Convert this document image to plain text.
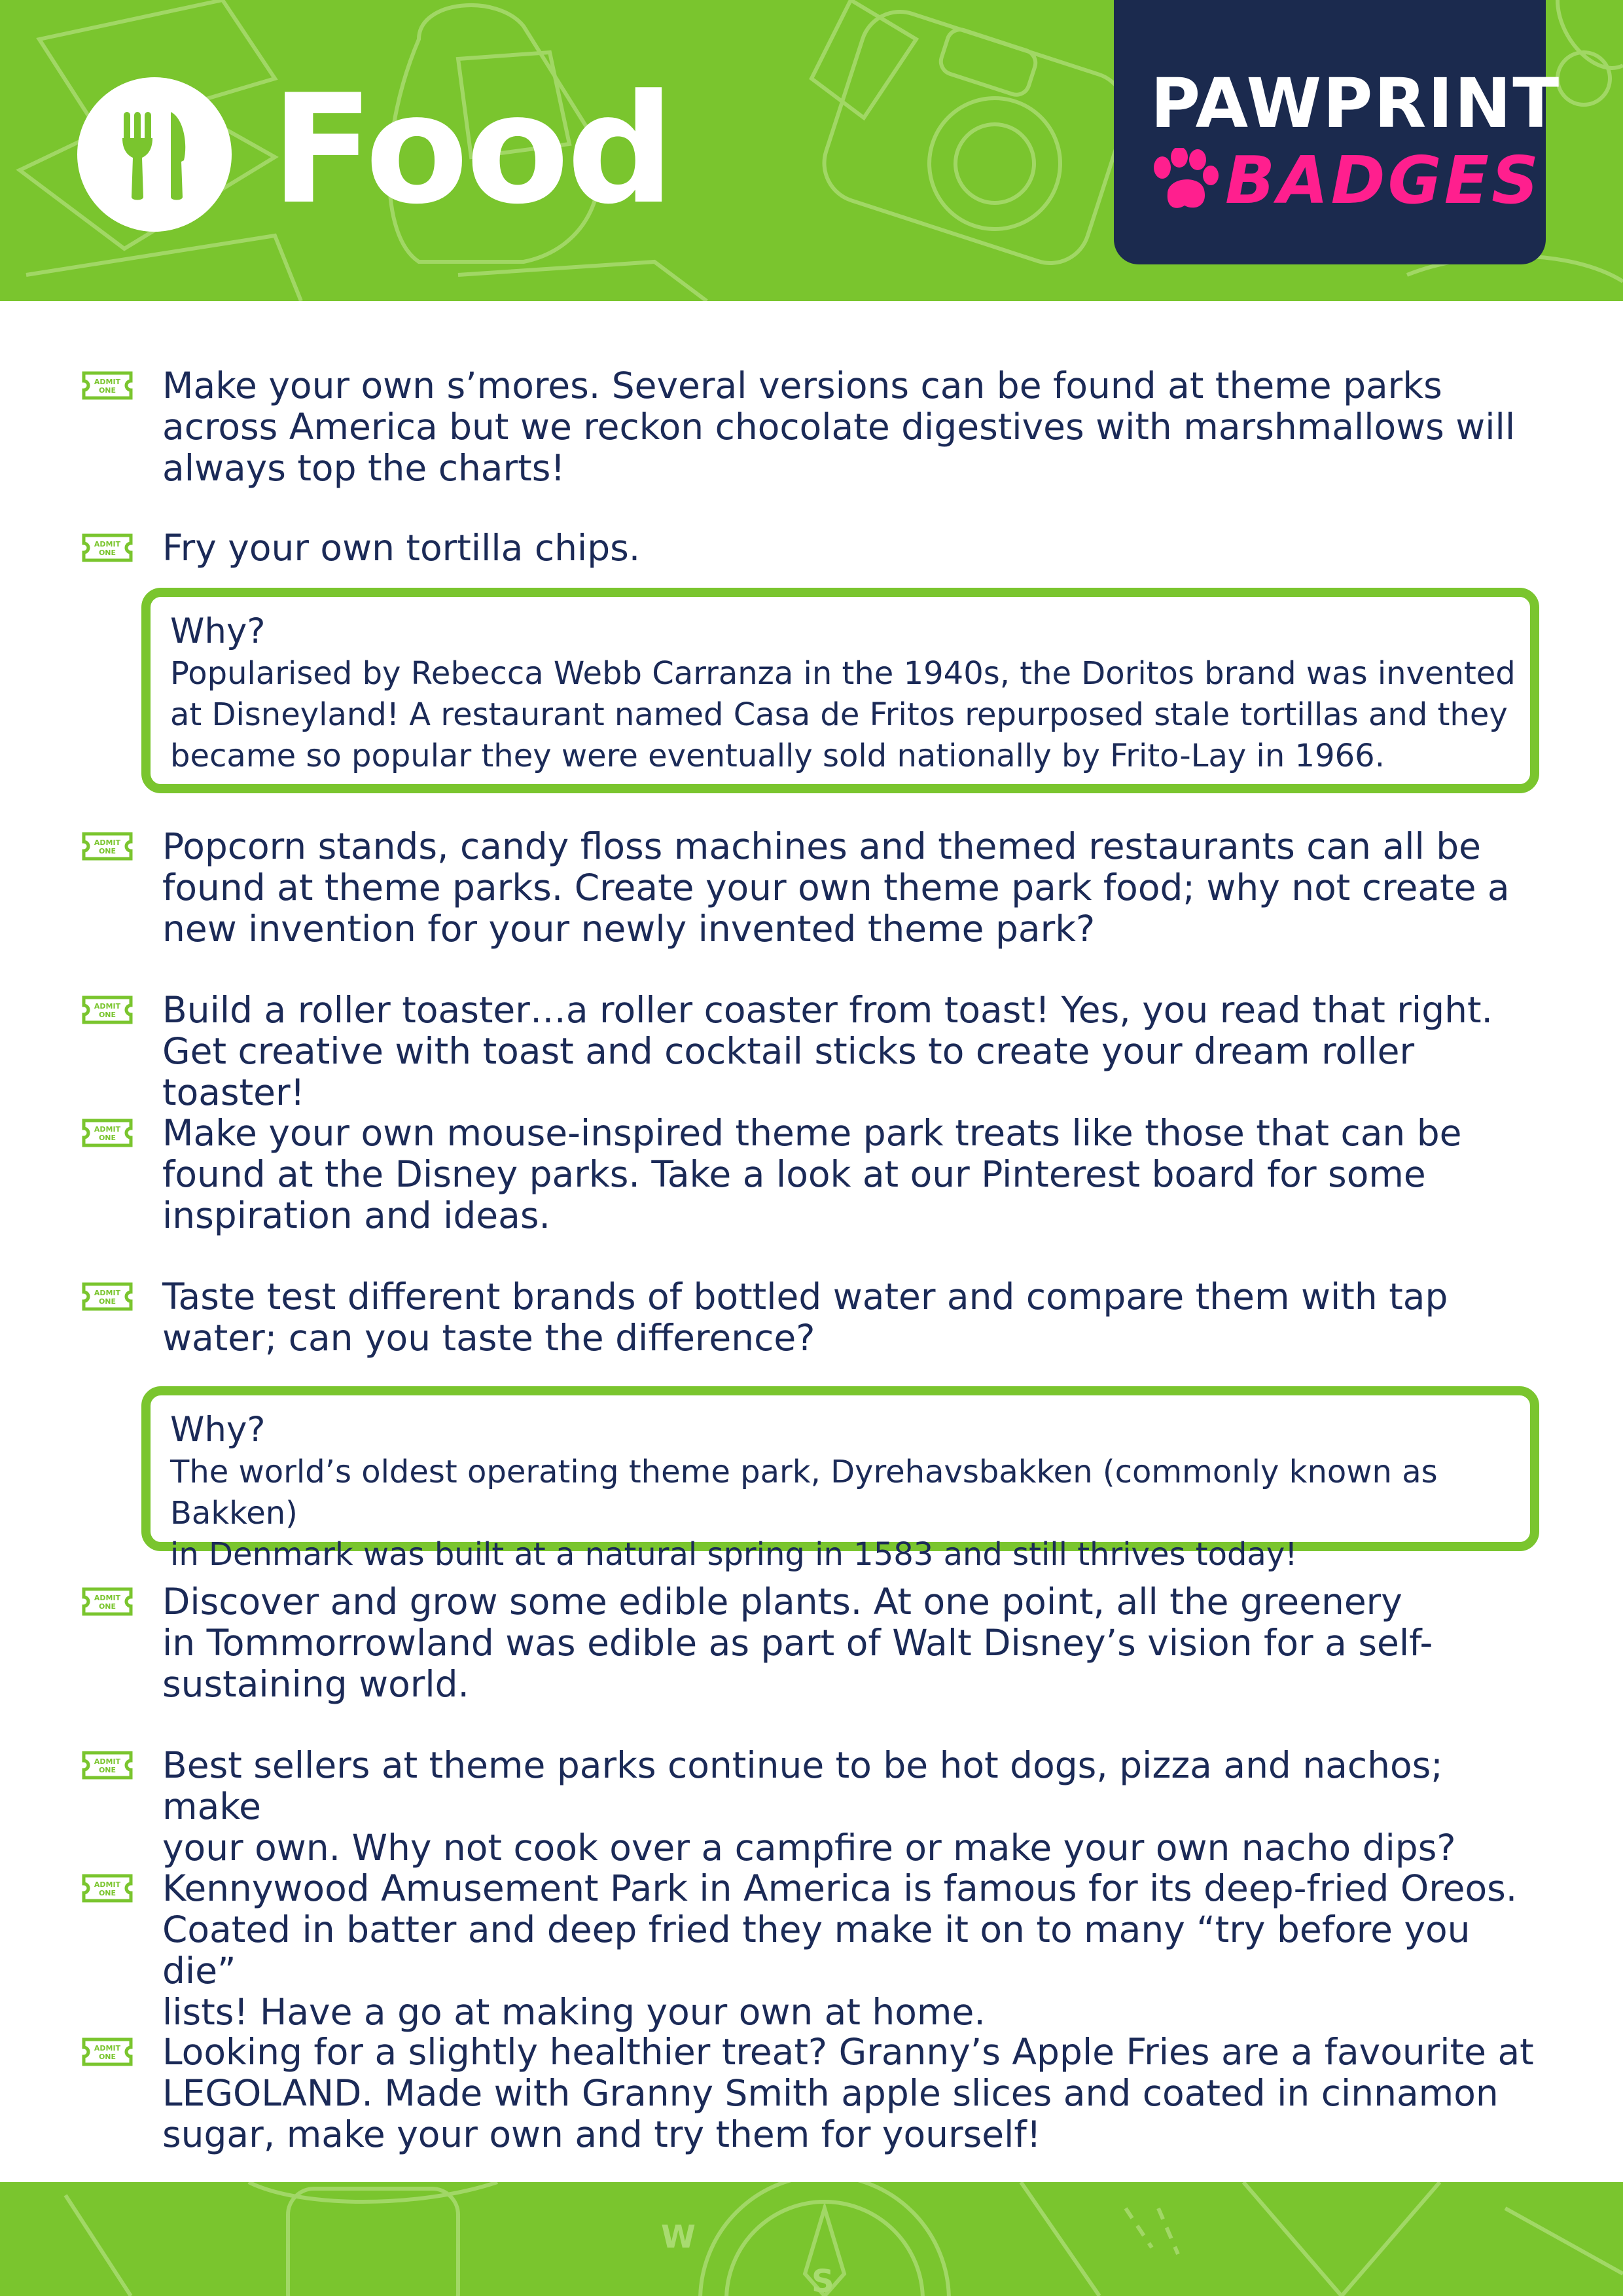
Food	PAWPRINT
BADGES
ADMIT
ONE Make your own s’mores. Several versions can be found at theme parks
across America but we reckon chocolate digestives with marshmallows will
always top the charts!
ADMIT
ONE Fry your own tortilla chips.
Why?
Popularised by Rebecca Webb Carranza in the 1940s, the Doritos brand was invented
at Disneyland! A restaurant named Casa de Fritos repurposed stale tortillas and they
became so popular they were eventually sold nationally by Frito-Lay in 1966.
ADMIT
ONE Popcorn stands, candy floss machines and themed restaurants can all be
found at theme parks. Create your own theme park food; why not create a
new invention for your newly invented theme park?
ADMIT
ONE Build a roller toaster…a roller coaster from toast! Yes, you read that right.
Get creative with toast and cocktail sticks to create your dream roller toaster!
ADMIT
ONE Make your own mouse-inspired theme park treats like those that can be
found at the Disney parks. Take a look at our Pinterest board for some
inspiration and ideas.
ADMIT
ONE Taste test different brands of bottled water and compare them with tap
water; can you taste the difference?
Why?
The world’s oldest operating theme park, Dyrehavsbakken (commonly known as Bakken)
in Denmark was built at a natural spring in 1583 and still thrives today!
ADMIT
ONE Discover and grow some edible plants. At one point, all the greenery
in Tommorrowland was edible as part of Walt Disney’s vision for a self-
sustaining world.
ADMIT
ONE Best sellers at theme parks continue to be hot dogs, pizza and nachos; make
your own. Why not cook over a campfire or make your own nacho dips?
ADMIT
ONE Kennywood Amusement Park in America is famous for its deep-fried Oreos.
Coated in batter and deep fried they make it on to many “try before you die”
lists! Have a go at making your own at home.
ADMIT
ONE Looking for a slightly healthier treat? Granny’s Apple Fries are a favourite at
LEGOLAND. Made with Granny Smith apple slices and coated in cinnamon
sugar, make your own and try them for yourself!
W
S
